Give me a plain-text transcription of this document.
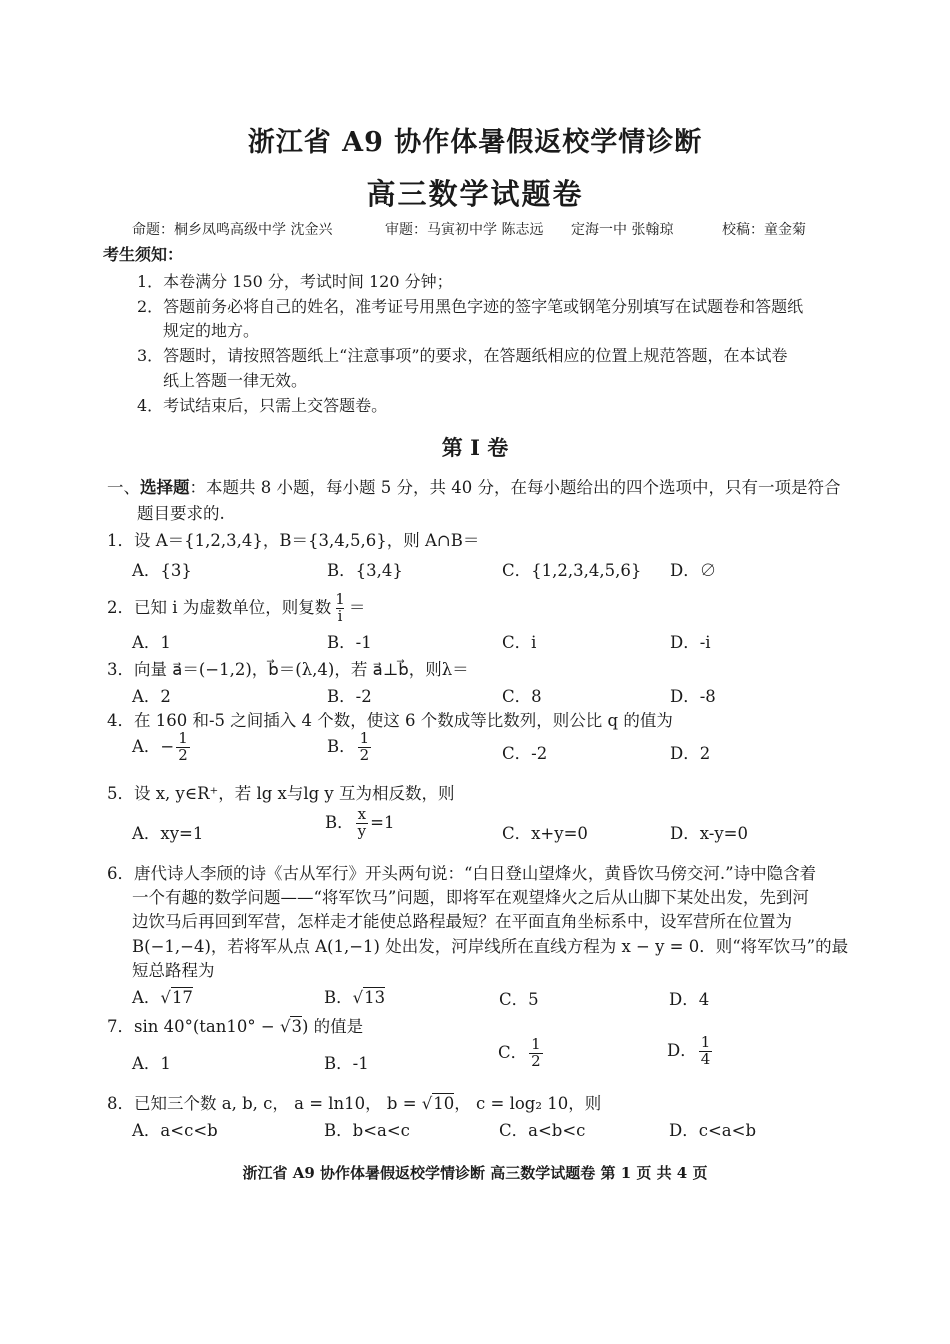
浙江省 A9 协作体暑假返校学情诊断
高三数学试题卷
命题：桐乡凤鸣高级中学 沈金兴	审题：马寅初中学 陈志远 定海一中 张翰琼	校稿：童金菊
考生须知：
1．本卷满分 150 分，考试时间 120 分钟；
2．答题前务必将自己的姓名，准考证号用黑色字迹的签字笔或钢笔分别填写在试题卷和答题纸
规定的地方。
3．答题时，请按照答题纸上“注意事项”的要求，在答题纸相应的位置上规范答题，在本试卷
纸上答题一律无效。
4．考试结束后，只需上交答题卷。
第 I 卷
一、选择题：本题共 8 小题，每小题 5 分，共 40 分，在每小题给出的四个选项中，只有一项是符合
题目要求的.
1．设 A＝{1,2,3,4}，B＝{3,4,5,6}，则 A∩B＝
A．{3}	B．{3,4}	C．{1,2,3,4,5,6} D．∅
2．已知 i 为虚数单位，则复数 $\frac{1}{i}$ ＝
A．1	B．-1	C．i	D．-i
3．向量 a⃗＝(−1,2)，b⃗＝(λ,4)，若 a⃗⊥b⃗，则λ＝
A．2	B．-2	C．8	D．-8
4．在 160 和-5 之间插入 4 个数，使这 6 个数成等比数列，则公比 q 的值为
A．− $\frac{1}{2}$	B． $\frac{1}{2}$	C．-2	D．2
5．设 x, y∈R⁺，若 lg x与lg y 互为相反数，则
A．xy=1
B． $\frac{x}{y} =1$
C．x+y=0	D．x-y=0
6．唐代诗人李颀的诗《古从军行》开头两句说：“白日登山望烽火，黄昏饮马傍交河.”诗中隐含着
一个有趣的数学问题——“将军饮马”问题，即将军在观望烽火之后从山脚下某处出发，先到河
边饮马后再回到军营，怎样走才能使总路程最短？在平面直角坐标系中，设军营所在位置为
B(−1,−4)，若将军从点 A(1,−1) 处出发，河岸线所在直线方程为 x − y = 0．则“将军饮马”的最
短总路程为
A．√17	B．√13	C．5	D．4
7．sin 40°(tan10° − √3) 的值是
A．1	B．-1
C． $\frac{1}{2}$	D． $\frac{1}{4}$
8．已知三个数 a, b, c， a = ln10， b = √10， c = log₂ 10，则
A．a<c<b	B．b<a<c	C．a<b<c	D．c<a<b
浙江省 A9 协作体暑假返校学情诊断 高三数学试题卷 第 1 页 共 4 页
